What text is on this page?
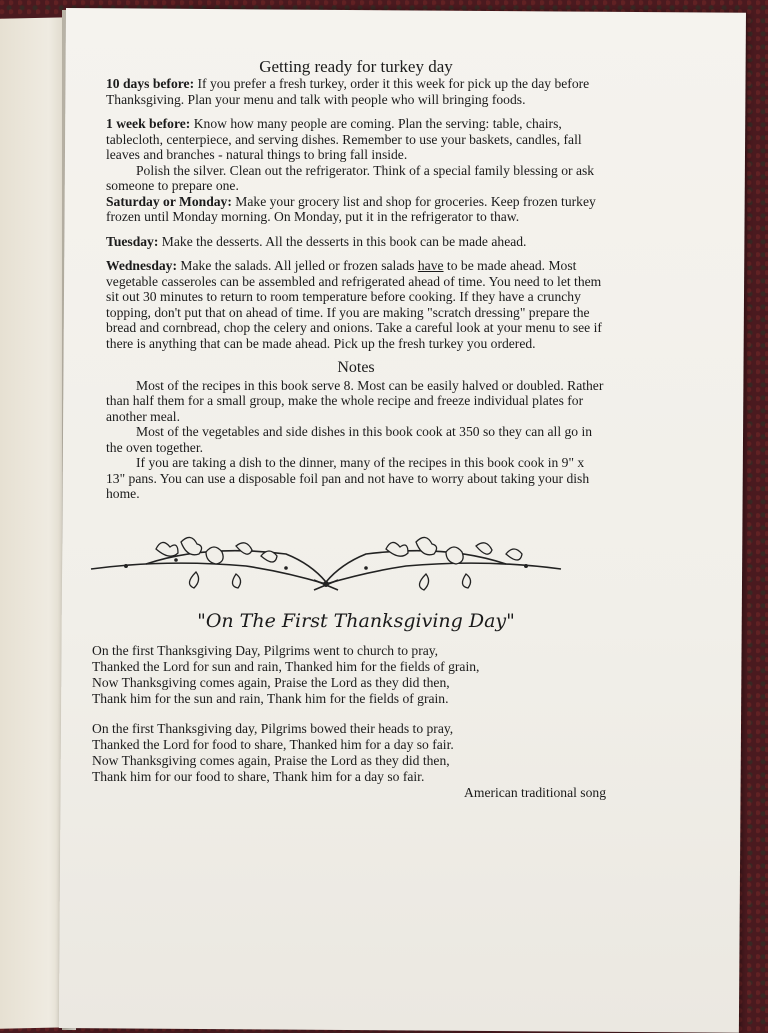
Getting ready for turkey day

10 days before: If you prefer a fresh turkey, order it this week for pick up the day before Thanksgiving. Plan your menu and talk with people who will bringing foods.

1 week before: Know how many people are coming. Plan the serving: table, chairs, tablecloth, centerpiece, and serving dishes. Remember to use your baskets, candles, fall leaves and branches - natural things to bring fall inside.

Polish the silver. Clean out the refrigerator. Think of a special family blessing or ask someone to prepare one.

Saturday or Monday: Make your grocery list and shop for groceries. Keep frozen turkey frozen until Monday morning. On Monday, put it in the refrigerator to thaw.

Tuesday: Make the desserts. All the desserts in this book can be made ahead.

Wednesday: Make the salads. All jelled or frozen salads have to be made ahead. Most vegetable casseroles can be assembled and refrigerated ahead of time. You need to let them sit out 30 minutes to return to room temperature before cooking. If they have a crunchy topping, don't put that on ahead of time. If you are making "scratch dressing" prepare the bread and cornbread, chop the celery and onions. Take a careful look at your menu to see if there is anything that can be made ahead. Pick up the fresh turkey you ordered.

Notes

Most of the recipes in this book serve 8. Most can be easily halved or doubled. Rather than half them for a small group, make the whole recipe and freeze individual plates for another meal.

Most of the vegetables and side dishes in this book cook at 350 so they can all go in the oven together.

If you are taking a dish to the dinner, many of the recipes in this book cook in 9" x 13" pans. You can use a disposable foil pan and not have to worry about taking your dish home.

"On The First Thanksgiving Day"
On the first Thanksgiving Day, Pilgrims went to church to pray,
Thanked the Lord for sun and rain, Thanked him for the fields of grain,
Now Thanksgiving comes again, Praise the Lord as they did then,
Thank him for the sun and rain, Thank him for the fields of grain.
On the first Thanksgiving day, Pilgrims bowed their heads to pray,
Thanked the Lord for food to share, Thanked him for a day so fair.
Now Thanksgiving comes again, Praise the Lord as they did then,
Thank him for our food to share, Thank him for a day so fair.
American traditional song
